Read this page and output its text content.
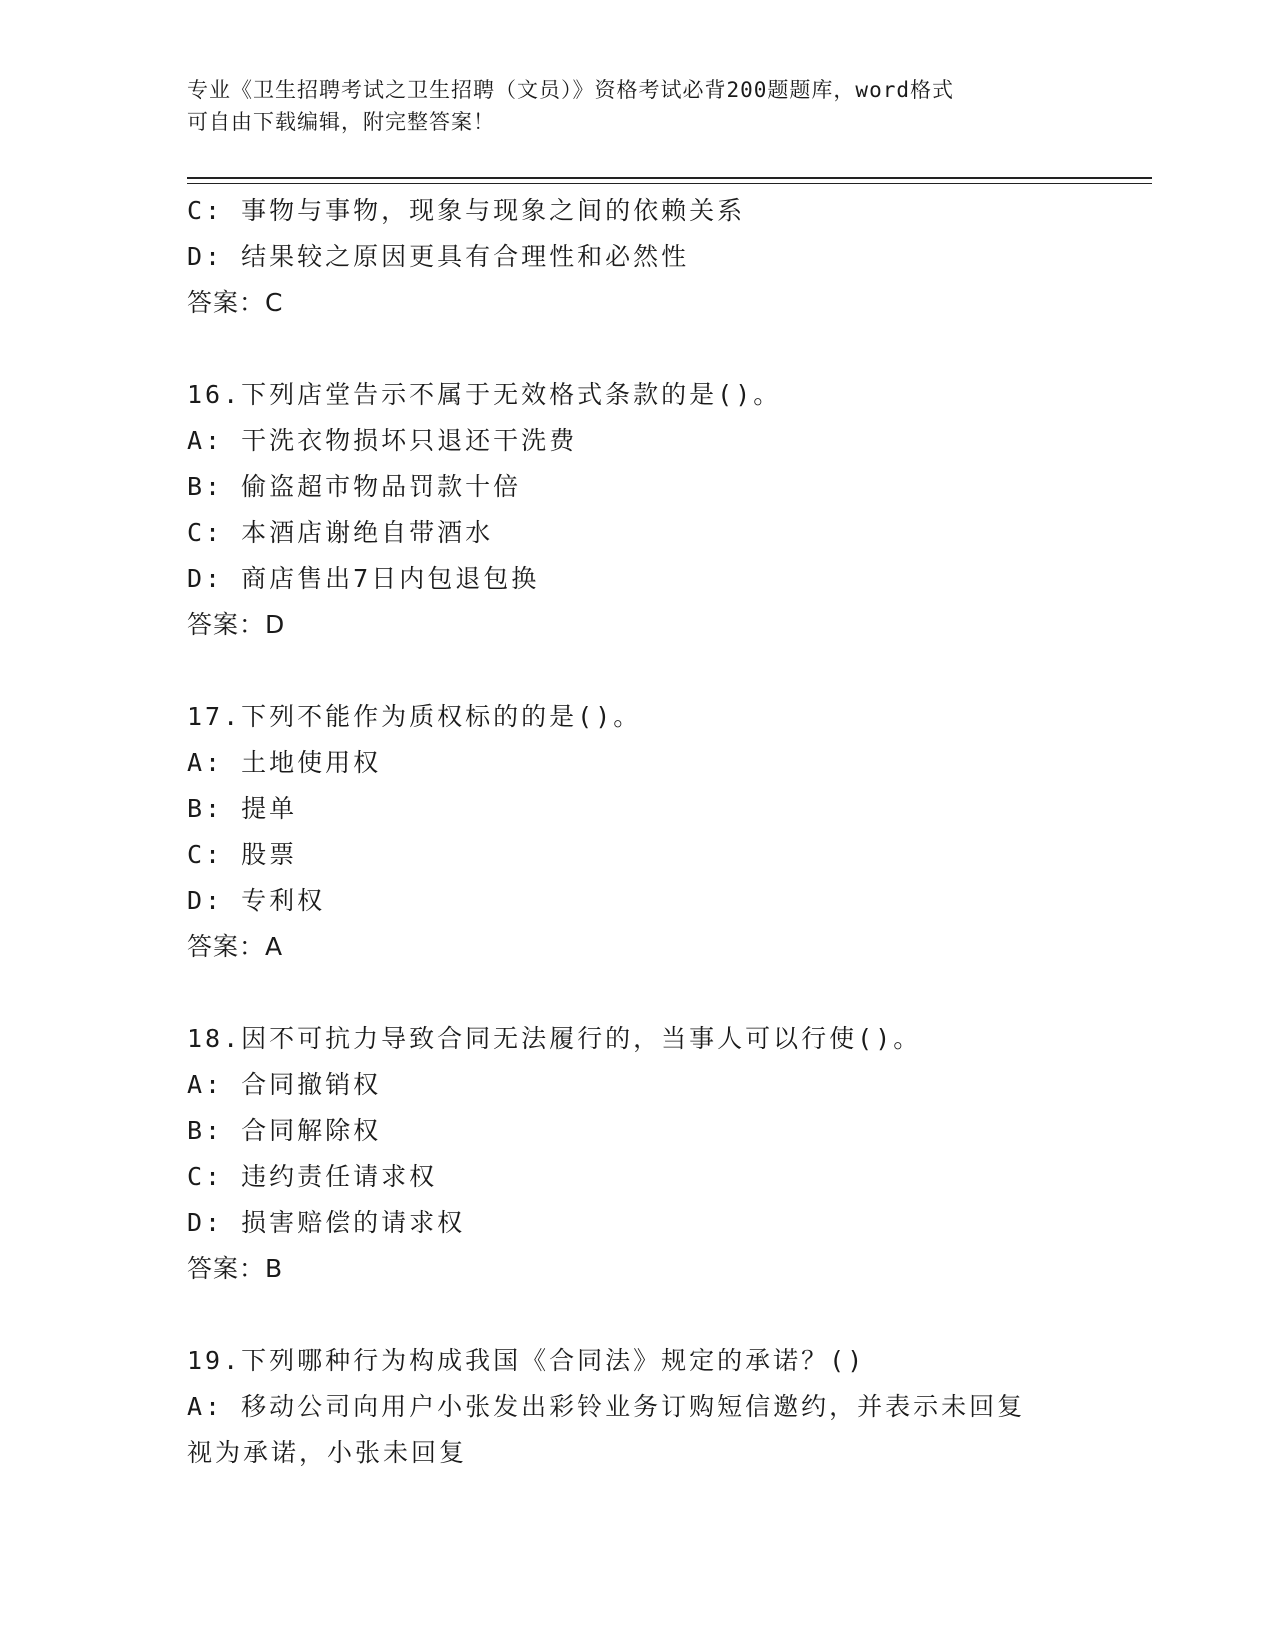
专业《卫生招聘考试之卫生招聘（文员）》资格考试必背200题题库，word格式
可自由下载编辑，附完整答案！
C: 事物与事物，现象与现象之间的依赖关系
D: 结果较之原因更具有合理性和必然性
答案：C
16.下列店堂告示不属于无效格式条款的是()。
A: 干洗衣物损坏只退还干洗费
B: 偷盗超市物品罚款十倍
C: 本酒店谢绝自带酒水
D: 商店售出7日内包退包换
答案：D
17.下列不能作为质权标的的是()。
A: 土地使用权
B: 提单
C: 股票
D: 专利权
答案：A
18.因不可抗力导致合同无法履行的，当事人可以行使()。
A: 合同撤销权
B: 合同解除权
C: 违约责任请求权
D: 损害赔偿的请求权
答案：B
19.下列哪种行为构成我国《合同法》规定的承诺？()
A: 移动公司向用户小张发出彩铃业务订购短信邀约，并表示未回复视为承诺，小张未回复
